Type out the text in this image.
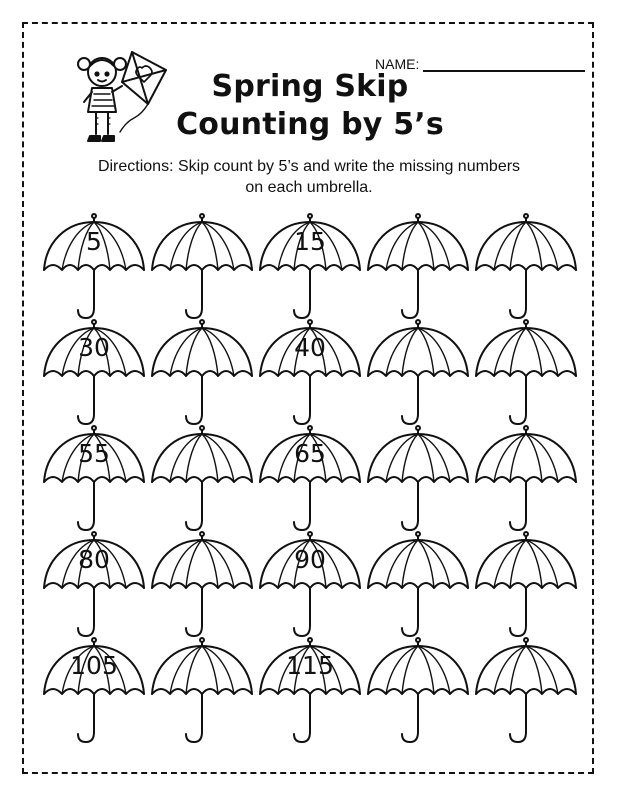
NAME:
Spring Skip
Counting by 5’s
Directions: Skip count by 5’s and write the missing numbers
on each umbrella.
5	15
30	40
55	65
80	90
105	115
